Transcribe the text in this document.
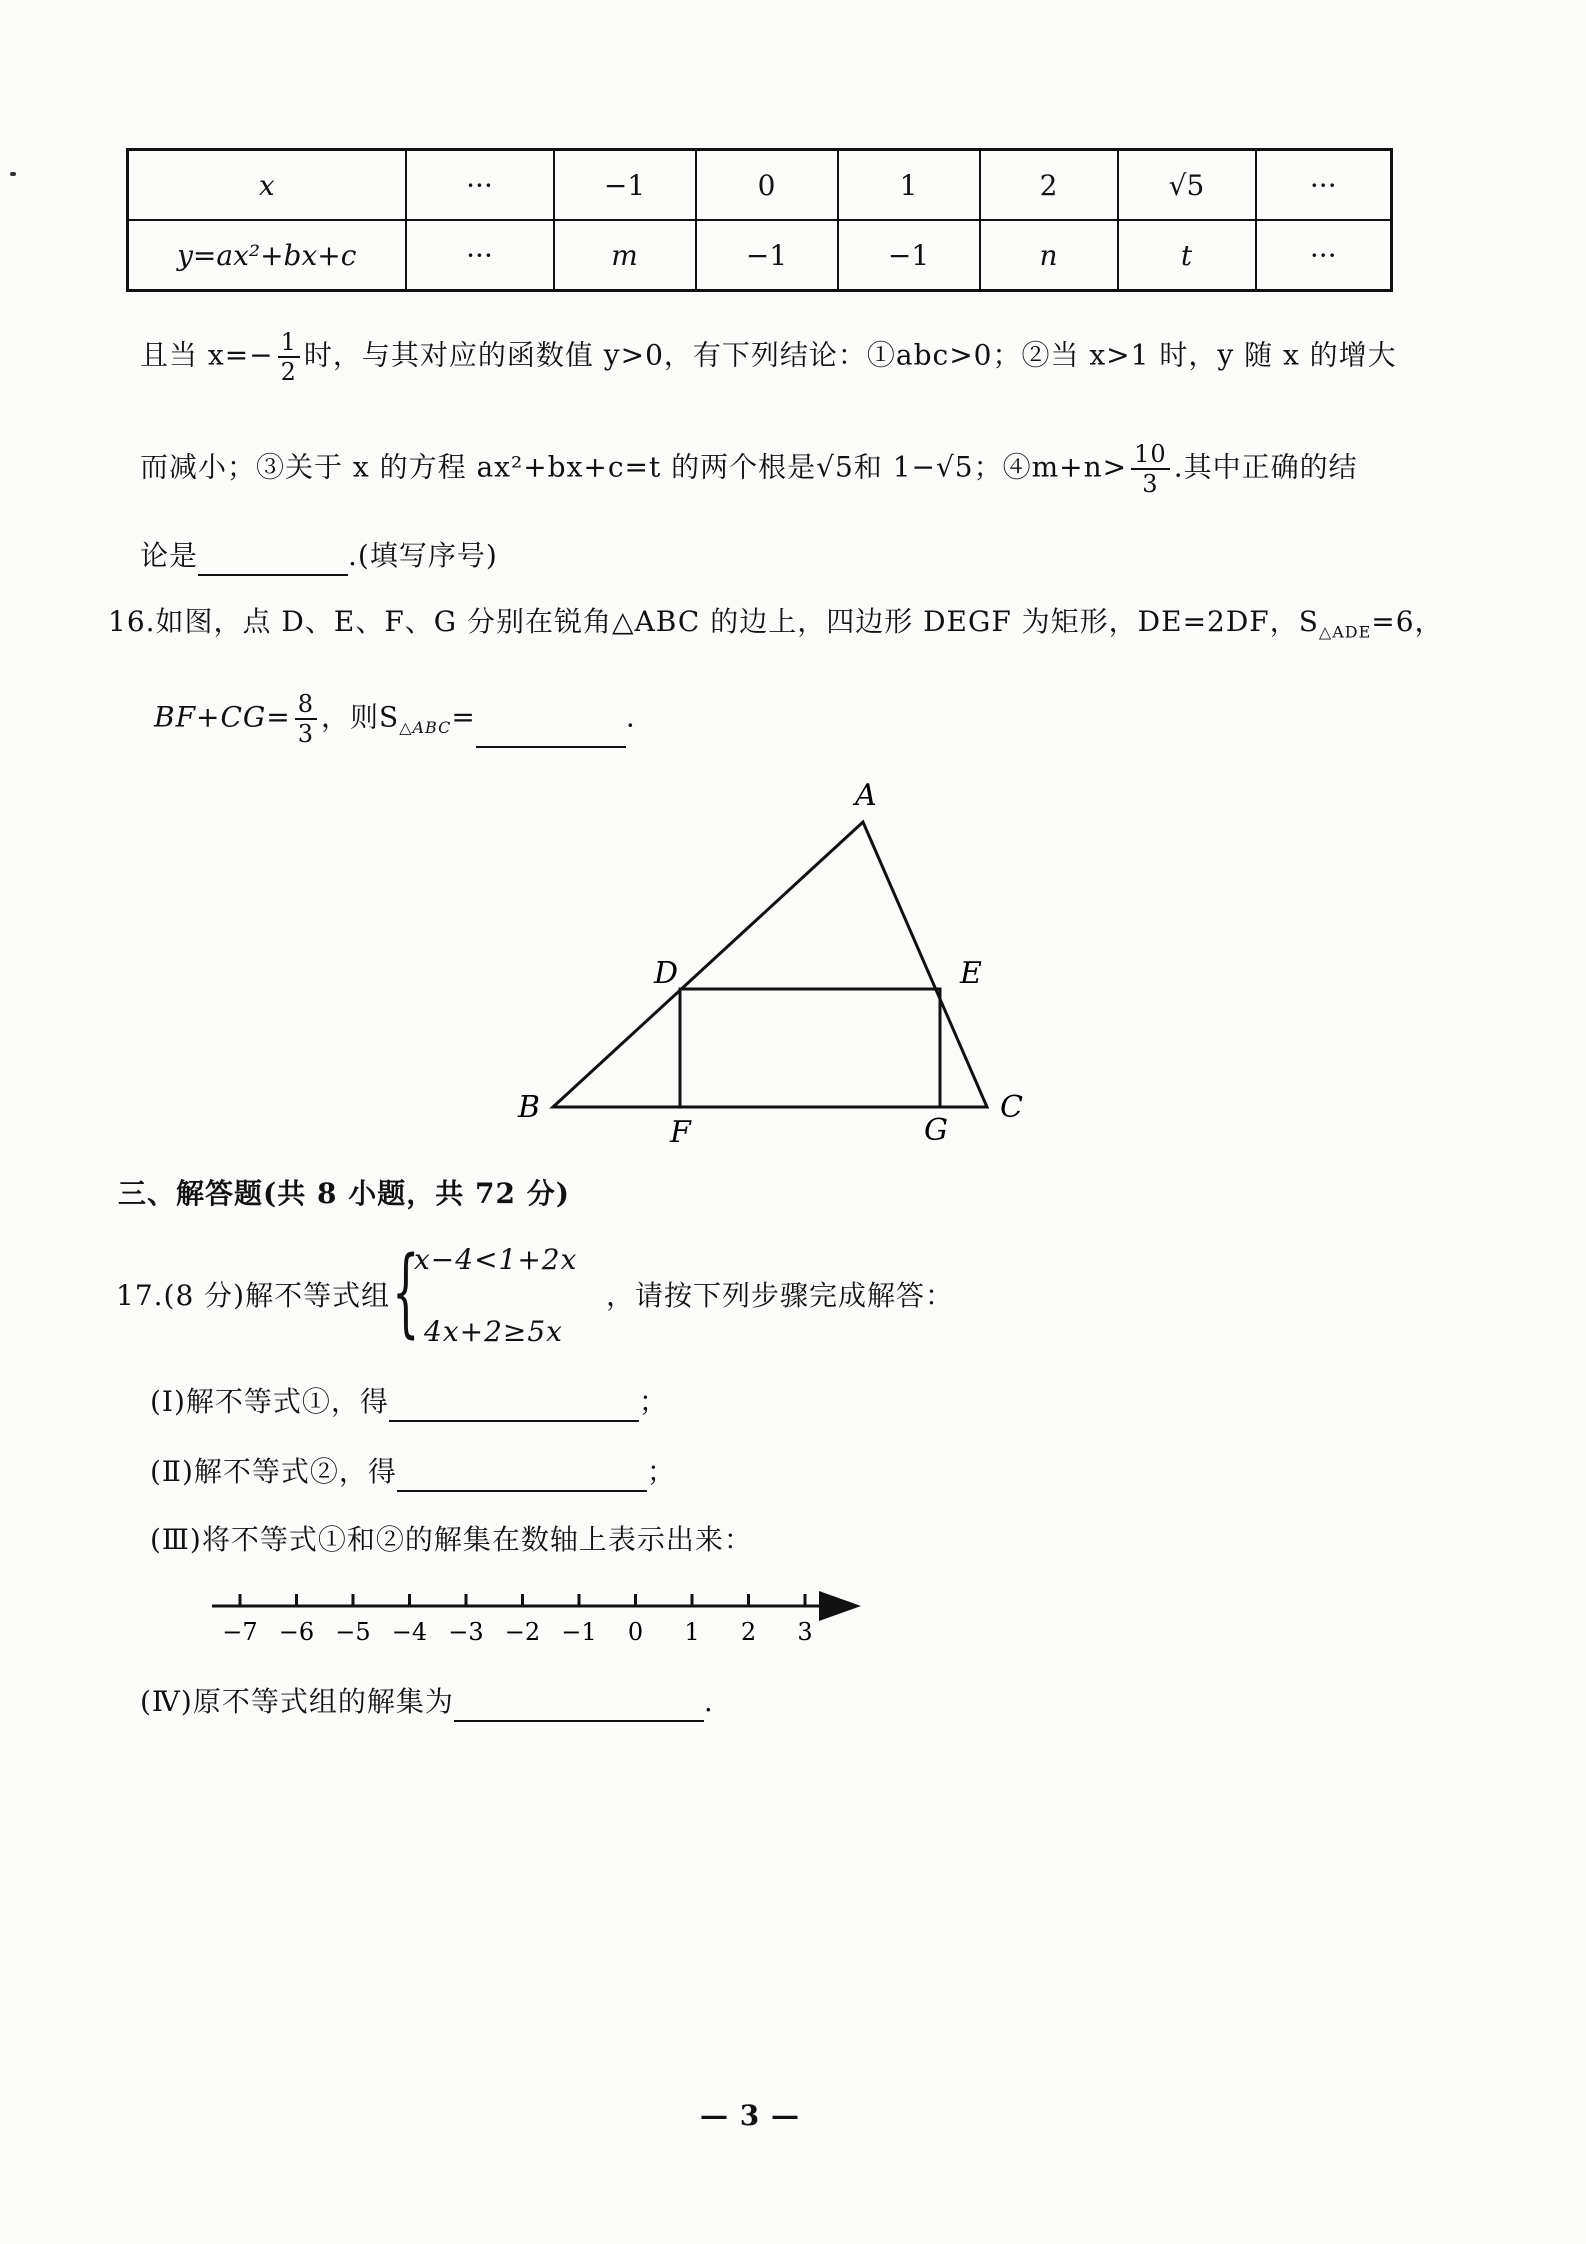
x	···	−1	0	1	2	√5	···
y=ax²+bx+c	···	m	−1	−1	n	t	···
且当 $x=- \frac{1}{2}$ 时，与其对应的函数值 y>0，有下列结论：①abc>0；②当 x>1 时，y 随 x 的增大
而减小；③关于 x 的方程 ax²+bx+c=t 的两个根是√5和 1−√5；④m+n> $\frac{10}{3}$ .其中正确的结
论是	.(填写序号)
16.如图，点 D、E、F、G 分别在锐角△ABC 的边上，四边形 DEGF 为矩形，DE=2DF，$S_{\triangle ADE}=6$，
$BF+CG= \frac{8}{3}$ ，则$S_{\triangle ABC}=$	.
A
B	C
D	E
F	G
三、解答题(共 8 小题，共 72 分)
17.(8 分)解不等式组 {
x−4<1+2x
4x+2≥5x
，请按下列步骤完成解答：
(Ⅰ)解不等式①，得	；
(Ⅱ)解不等式②，得	；
(Ⅲ)将不等式①和②的解集在数轴上表示出来：
−7 −6 −5 −4 −3 −2 −1 0 1 2 3
(Ⅳ)原不等式组的解集为	.
— 3 —
